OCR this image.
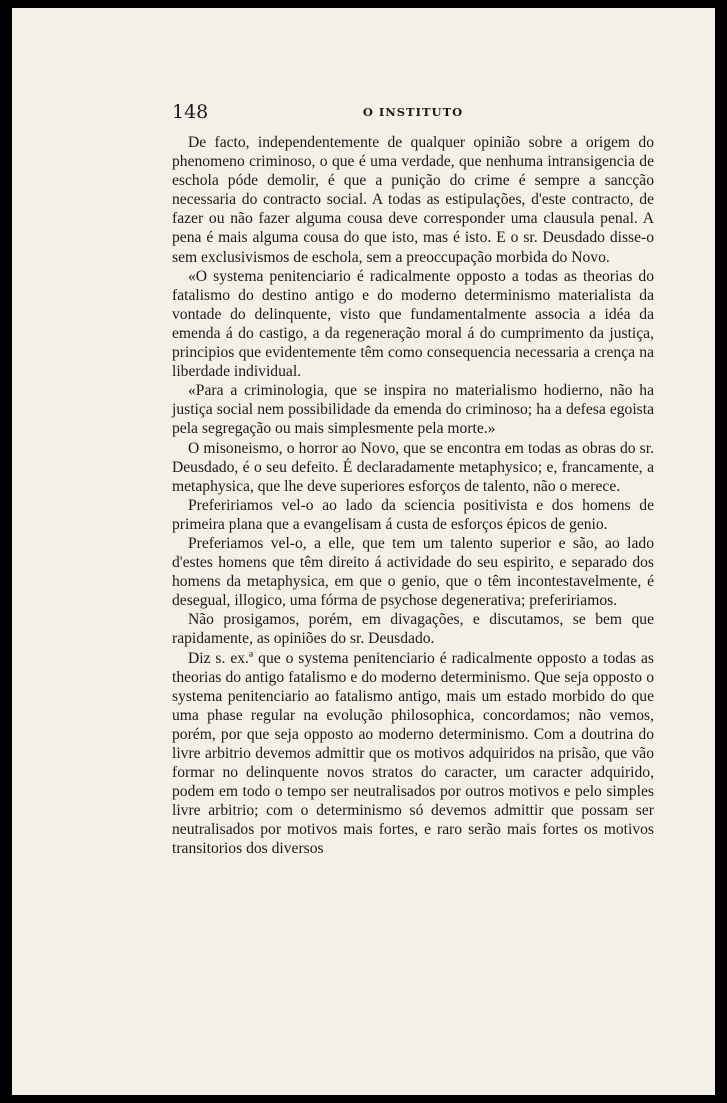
148	O INSTITUTO

De facto, independentemente de qualquer opinião sobre a origem do phenomeno criminoso, o que é uma verdade, que nenhuma intransigencia de eschola póde demolir, é que a punição do crime é sempre a sancção necessaria do contracto social. A todas as estipulações, d'este contracto, de fazer ou não fazer alguma cousa deve corresponder uma clausula penal. A pena é mais alguma cousa do que isto, mas é isto. E o sr. Deusdado disse-o sem exclusivismos de eschola, sem a preoccupação morbida do Novo.

«O systema penitenciario é radicalmente opposto a todas as theorias do fatalismo do destino antigo e do moderno determinismo materialista da vontade do delinquente, visto que fundamentalmente associa a idéa da emenda á do castigo, a da regeneração moral á do cumprimento da justiça, principios que evidentemente têm como consequencia necessaria a crença na liberdade individual.

«Para a criminologia, que se inspira no materialismo hodierno, não ha justiça social nem possibilidade da emenda do criminoso; ha a defesa egoista pela segregação ou mais simplesmente pela morte.»

O misoneismo, o horror ao Novo, que se encontra em todas as obras do sr. Deusdado, é o seu defeito. É declaradamente metaphysico; e, francamente, a metaphysica, que lhe deve superiores esforços de talento, não o merece.

Prefeririamos vel-o ao lado da sciencia positivista e dos homens de primeira plana que a evangelisam á custa de esforços épicos de genio.

Preferiamos vel-o, a elle, que tem um talento superior e são, ao lado d'estes homens que têm direito á actividade do seu espirito, e separado dos homens da metaphysica, em que o genio, que o têm incontestavelmente, é desegual, illogico, uma fórma de psychose degenerativa; prefeririamos.

Não prosigamos, porém, em divagações, e discutamos, se bem que rapidamente, as opiniões do sr. Deusdado.

Diz s. ex.ª que o systema penitenciario é radicalmente opposto a todas as theorias do antigo fatalismo e do moderno determinismo. Que seja opposto o systema penitenciario ao fatalismo antigo, mais um estado morbido do que uma phase regular na evolução philosophica, concordamos; não vemos, porém, por que seja opposto ao moderno determinismo. Com a doutrina do livre arbitrio devemos admittir que os motivos adquiridos na prisão, que vão formar no delinquente novos stratos do caracter, um caracter adquirido, podem em todo o tempo ser neutralisados por outros motivos e pelo simples livre arbitrio; com o determinismo só devemos admittir que possam ser neutralisados por motivos mais fortes, e raro serão mais fortes os motivos transitorios dos diversos
